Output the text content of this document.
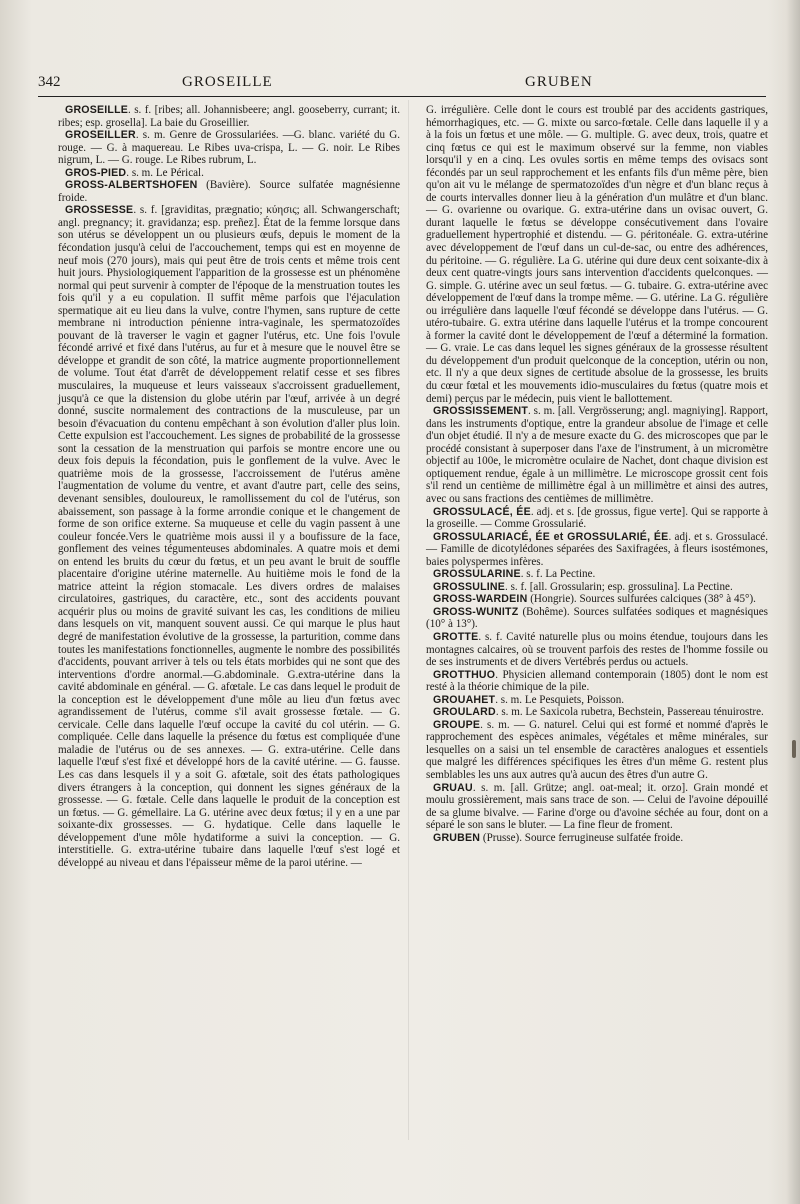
342	GROSEILLE	GRUBEN

GROSEILLE. s. f. [ribes; all. Johannisbeere; angl. gooseberry, currant; it. ribes; esp. grosella]. La baie du Groseillier.

GROSEILLER. s. m. Genre de Grossulariées. —G. blanc. variété du G. rouge. — G. à maquereau. Le Ribes uva-crispa, L. — G. noir. Le Ribes nigrum, L. — G. rouge. Le Ribes rubrum, L.

GROS-PIED. s. m. Le Pérical.

GROSS-ALBERTSHOFEN (Bavière). Source sulfatée magnésienne froide.

GROSSESSE. s. f. [graviditas, prægnatio; κύησις; all. Schwangerschaft; angl. pregnancy; it. gravidanza; esp. preñez]. État de la femme lorsque dans son utérus se développent un ou plusieurs œufs, depuis le moment de la fécondation jusqu'à celui de l'accouchement, temps qui est en moyenne de neuf mois (270 jours), mais qui peut être de trois cents et même trois cent huit jours. Physiologiquement l'apparition de la grossesse est un phénomène normal qui peut survenir à compter de l'époque de la menstruation toutes les fois qu'il y a eu copulation. Il suffit même parfois que l'éjaculation spermatique ait eu lieu dans la vulve, contre l'hymen, sans rupture de cette membrane ni introduction pénienne intra-vaginale, les spermatozoïdes pouvant de là traverser le vagin et gagner l'utérus, etc. Une fois l'ovule fécondé arrivé et fixé dans l'utérus, au fur et à mesure que le nouvel être se développe et grandit de son côté, la matrice augmente proportionnellement de volume. Tout état d'arrêt de développement relatif cesse et ses fibres musculaires, la muqueuse et leurs vaisseaux s'accroissent graduellement, jusqu'à ce que la distension du globe utérin par l'œuf, arrivée à un degré donné, suscite normalement des contractions de la musculeuse, par un besoin d'évacuation du contenu empêchant à son évolution d'aller plus loin. Cette expulsion est l'accouchement. Les signes de probabilité de la grossesse sont la cessation de la menstruation qui parfois se montre encore une ou deux fois depuis la fécondation, puis le gonflement de la vulve. Avec le quatrième mois de la grossesse, l'accroissement de l'utérus amène l'augmentation de volume du ventre, et avant d'autre part, celle des seins, devenant sensibles, douloureux, le ramollissement du col de l'utérus, son abaissement, son passage à la forme arrondie conique et le changement de forme de son orifice externe. Sa muqueuse et celle du vagin passent à une couleur foncée.Vers le quatrième mois aussi il y a boufissure de la face, gonflement des veines tégumenteuses abdominales. A quatre mois et demi on entend les bruits du cœur du fœtus, et un peu avant le bruit de souffle placentaire d'origine utérine maternelle. Au huitième mois le fond de la matrice atteint la région stomacale. Les divers ordres de malaises circulatoires, gastriques, du caractère, etc., sont des accidents pouvant acquérir plus ou moins de gravité suivant les cas, les conditions de milieu dans lesquels on vit, manquent souvent aussi. Ce qui marque le plus haut degré de manifestation évolutive de la grossesse, la parturition, comme dans toutes les manifestations fonctionnelles, augmente le nombre des possibilités d'accidents, pouvant arriver à tels ou tels états morbides qui ne sont que des interventions d'ordre anormal.—G.abdominale. G.extra-utérine dans la cavité abdominale en général. — G. afœtale. Le cas dans lequel le produit de la conception est le développement d'une môle au lieu d'un fœtus avec agrandissement de l'utérus, comme s'il avait grossesse fœtale. — G. cervicale. Celle dans laquelle l'œuf occupe la cavité du col utérin. — G. compliquée. Celle dans laquelle la présence du fœtus est compliquée d'une maladie de l'utérus ou de ses annexes. — G. extra-utérine. Celle dans laquelle l'œuf s'est fixé et développé hors de la cavité utérine. — G. fausse. Les cas dans lesquels il y a soit G. afœtale, soit des états pathologiques divers étrangers à la conception, qui donnent les signes généraux de la grossesse. — G. fœtale. Celle dans laquelle le produit de la conception est un fœtus. — G. gémellaire. La G. utérine avec deux fœtus; il y en a une par soixante-dix grossesses. — G. hydatique. Celle dans laquelle le développement d'une môle hydatiforme a suivi la conception. — G. interstitielle. G. extra-utérine tubaire dans laquelle l'œuf s'est logé et développé au niveau et dans l'épaisseur même de la paroi utérine. —

G. irrégulière. Celle dont le cours est troublé par des accidents gastriques, hémorrhagiques, etc. — G. mixte ou sarco-fœtale. Celle dans laquelle il y a à la fois un fœtus et une môle. — G. multiple. G. avec deux, trois, quatre et cinq fœtus ce qui est le maximum observé sur la femme, non viables lorsqu'il y en a cinq. Les ovules sortis en même temps des ovisacs sont fécondés par un seul rapprochement et les enfants fils d'un même père, bien qu'on ait vu le mélange de spermatozoïdes d'un nègre et d'un blanc reçus à de courts intervalles donner lieu à la génération d'un mulâtre et d'un blanc. — G. ovarienne ou ovarique. G. extra-utérine dans un ovisac ouvert, G. durant laquelle le fœtus se développe consécutivement dans l'ovaire graduellement hypertrophié et distendu. — G. péritonéale. G. extra-utérine avec développement de l'œuf dans un cul-de-sac, ou entre des adhérences, du péritoine. — G. régulière. La G. utérine qui dure deux cent soixante-dix à deux cent quatre-vingts jours sans intervention d'accidents quelconques. — G. simple. G. utérine avec un seul fœtus. — G. tubaire. G. extra-utérine avec développement de l'œuf dans la trompe même. — G. utérine. La G. régulière ou irrégulière dans laquelle l'œuf fécondé se développe dans l'utérus. — G. utéro-tubaire. G. extra utérine dans laquelle l'utérus et la trompe concourent à former la cavité dont le développement de l'œuf a déterminé la formation. — G. vraie. Le cas dans lequel les signes généraux de la grossesse résultent du développement d'un produit quelconque de la conception, utérin ou non, etc. Il n'y a que deux signes de certitude absolue de la grossesse, les bruits du cœur fœtal et les mouvements idio-musculaires du fœtus (quatre mois et demi) perçus par le médecin, puis vient le ballottement.

GROSSISSEMENT. s. m. [all. Vergrösserung; angl. magniying]. Rapport, dans les instruments d'optique, entre la grandeur absolue de l'image et celle d'un objet étudié. Il n'y a de mesure exacte du G. des microscopes que par le procédé consistant à superposer dans l'axe de l'instrument, à un micromètre objectif au 100e, le micromètre oculaire de Nachet, dont chaque division est optiquement rendue, égale à un millimètre. Le microscope grossit cent fois s'il rend un centième de millimètre égal à un millimètre et ainsi des autres, avec ou sans fractions des centièmes de millimètre.

GROSSULACÉ, ÉE. adj. et s. [de grossus, figue verte]. Qui se rapporte à la groseille. — Comme Grossularié.

GROSSULARIACÉ, ÉE et GROSSULARIÉ, ÉE. adj. et s. Grossulacé. — Famille de dicotylédones séparées des Saxifragées, à fleurs isostémones, baies polyspermes infères.

GROSSULARINE. s. f. La Pectine.

GROSSULINE. s. f. [all. Grossularin; esp. grossulina]. La Pectine.

GROSS-WARDEIN (Hongrie). Sources sulfurées calciques (38° à 45°).

GROSS-WUNITZ (Bohême). Sources sulfatées sodiques et magnésiques (10° à 13°).

GROTTE. s. f. Cavité naturelle plus ou moins étendue, toujours dans les montagnes calcaires, où se trouvent parfois des restes de l'homme fossile ou de ses instruments et de divers Vertébrés perdus ou actuels.

GROTTHUO. Physicien allemand contemporain (1805) dont le nom est resté à la théorie chimique de la pile.

GROUAHET. s. m. Le Pesquiets, Poisson.

GROULARD. s. m. Le Saxicola rubetra, Bechstein, Passereau ténuirostre.

GROUPE. s. m. — G. naturel. Celui qui est formé et nommé d'après le rapprochement des espèces animales, végétales et même minérales, sur lesquelles on a saisi un tel ensemble de caractères analogues et essentiels que malgré les différences spécifiques les êtres d'un même G. restent plus semblables les uns aux autres qu'à aucun des êtres d'un autre G.

GRUAU. s. m. [all. Grütze; angl. oat-meal; it. orzo]. Grain mondé et moulu grossièrement, mais sans trace de son. — Celui de l'avoine dépouillé de sa glume bivalve. — Farine d'orge ou d'avoine séchée au four, dont on a séparé le son sans le bluter. — La fine fleur de froment.

GRUBEN (Prusse). Source ferrugineuse sulfatée froide.
